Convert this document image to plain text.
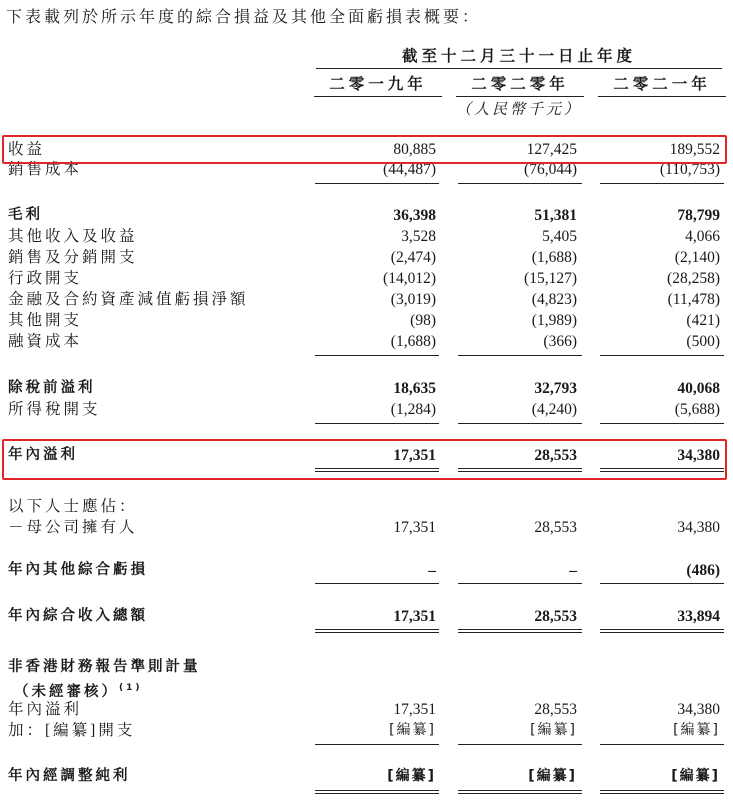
下表載列於所示年度的綜合損益及其他全面虧損表概要：
截至十二月三十一日止年度
二零一九年	二零二零年	二零二一年
（人民幣千元）
收益	80,885	127,425	189,552
銷售成本	(44,487)	(76,044)	(110,753)
毛利	36,398	51,381	78,799
其他收入及收益	3,528	5,405	4,066
銷售及分銷開支	(2,474)	(1,688)	(2,140)
行政開支	(14,012)	(15,127)	(28,258)
金融及合約資產減值虧損淨額	(3,019)	(4,823)	(11,478)
其他開支	(98)	(1,989)	(421)
融資成本	(1,688)	(366)	(500)
除稅前溢利	18,635	32,793	40,068
所得稅開支	(1,284)	(4,240)	(5,688)
年內溢利	17,351	28,553	34,380
以下人士應佔：
－母公司擁有人	17,351	28,553	34,380
年內其他綜合虧損	–	–	(486)
年內綜合收入總額	17,351	28,553	33,894
非香港財務報告準則計量
（未經審核）$^{(1)}$
年內溢利	17,351	28,553	34,380
加：[編纂]開支	[編纂]	[編纂]	[編纂]
年內經調整純利	[編纂]	[編纂]	[編纂]
